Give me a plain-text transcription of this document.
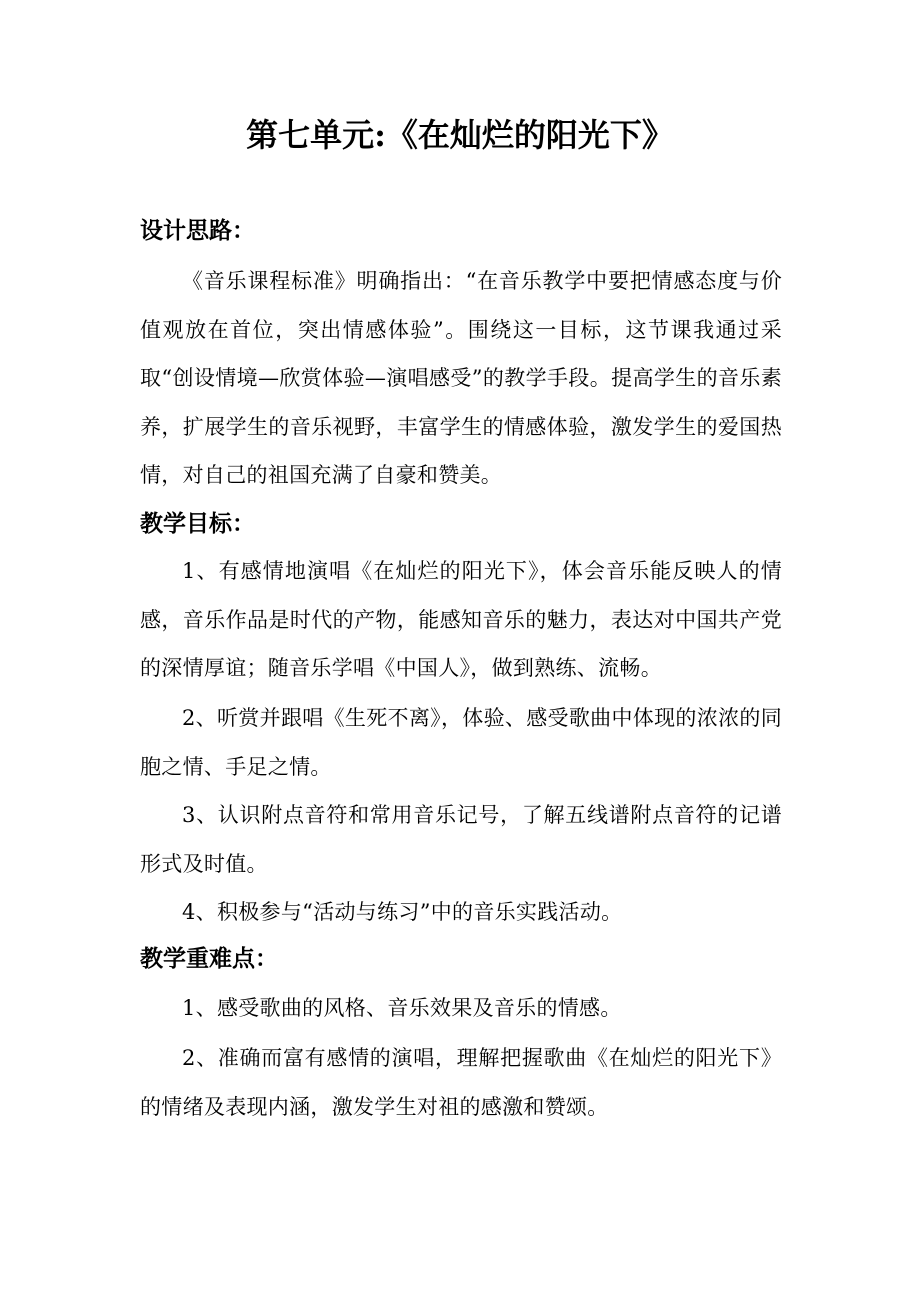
第七单元:《在灿烂的阳光下》
设计思路：

《音乐课程标准》明确指出：“在音乐教学中要把情感态度与价值观放在首位，突出情感体验”。围绕这一目标，这节课我通过采取“创设情境—欣赏体验—演唱感受”的教学手段。提高学生的音乐素养，扩展学生的音乐视野，丰富学生的情感体验，激发学生的爱国热情，对自己的祖国充满了自豪和赞美。

教学目标：

1、有感情地演唱《在灿烂的阳光下》，体会音乐能反映人的情感，音乐作品是时代的产物，能感知音乐的魅力，表达对中国共产党的深情厚谊；随音乐学唱《中国人》，做到熟练、流畅。

2、听赏并跟唱《生死不离》，体验、感受歌曲中体现的浓浓的同胞之情、手足之情。

3、认识附点音符和常用音乐记号，了解五线谱附点音符的记谱形式及时值。

4、积极参与“活动与练习”中的音乐实践活动。

教学重难点：

1、感受歌曲的风格、音乐效果及音乐的情感。

2、准确而富有感情的演唱，理解把握歌曲《在灿烂的阳光下》的情绪及表现内涵，激发学生对祖的感激和赞颂。
